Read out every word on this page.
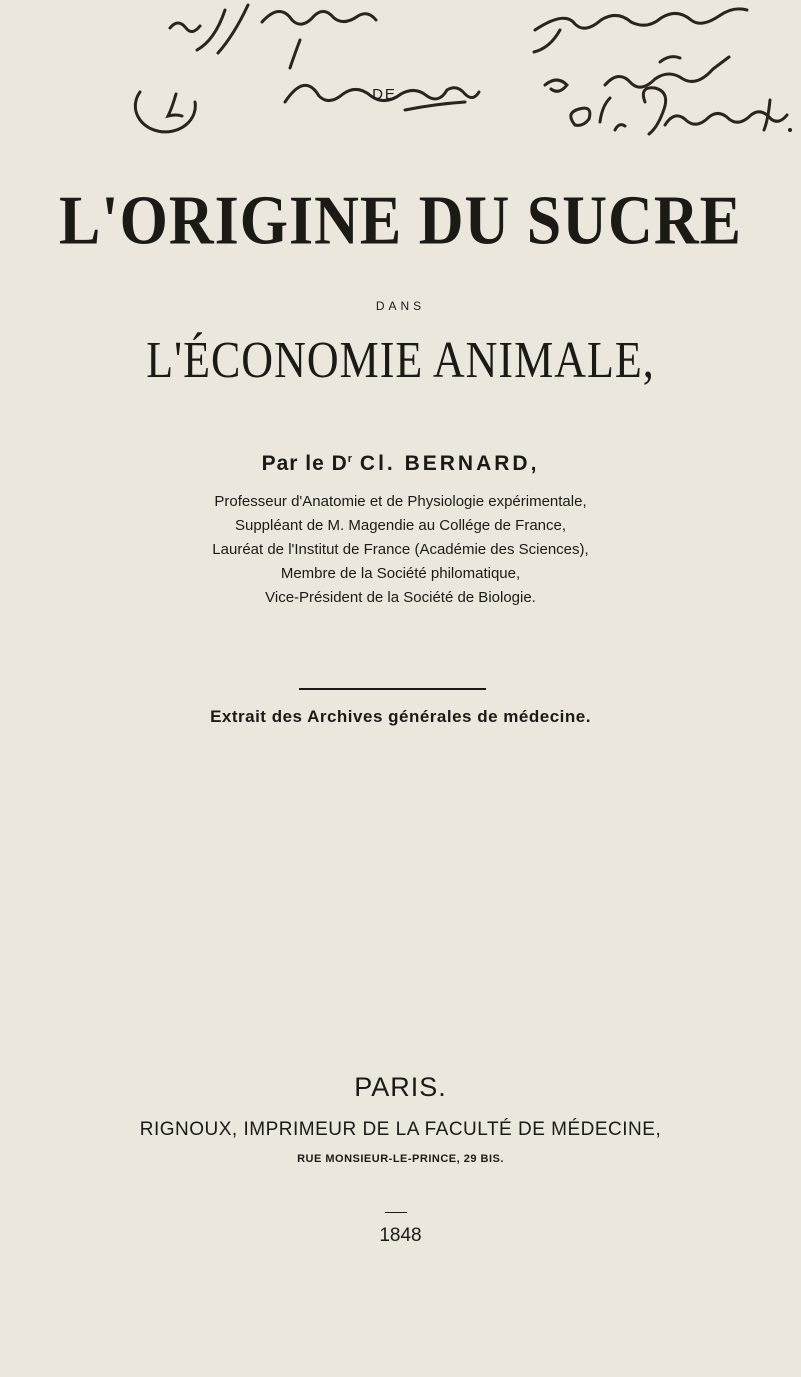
DE
L'ORIGINE DU SUCRE
DANS
L'ÉCONOMIE ANIMALE,
Par le $D^r$ Cl. BERNARD,
Professeur d'Anatomie et de Physiologie expérimentale,
Suppléant de M. Magendie au Collége de France,
Lauréat de l'Institut de France (Académie des Sciences),
Membre de la Société philomatique,
Vice-Président de la Société de Biologie.
Extrait des Archives générales de médecine.
PARIS.
RIGNOUX, IMPRIMEUR DE LA FACULTÉ DE MÉDECINE,
RUE MONSIEUR-LE-PRINCE, 29 BIS.
1848
